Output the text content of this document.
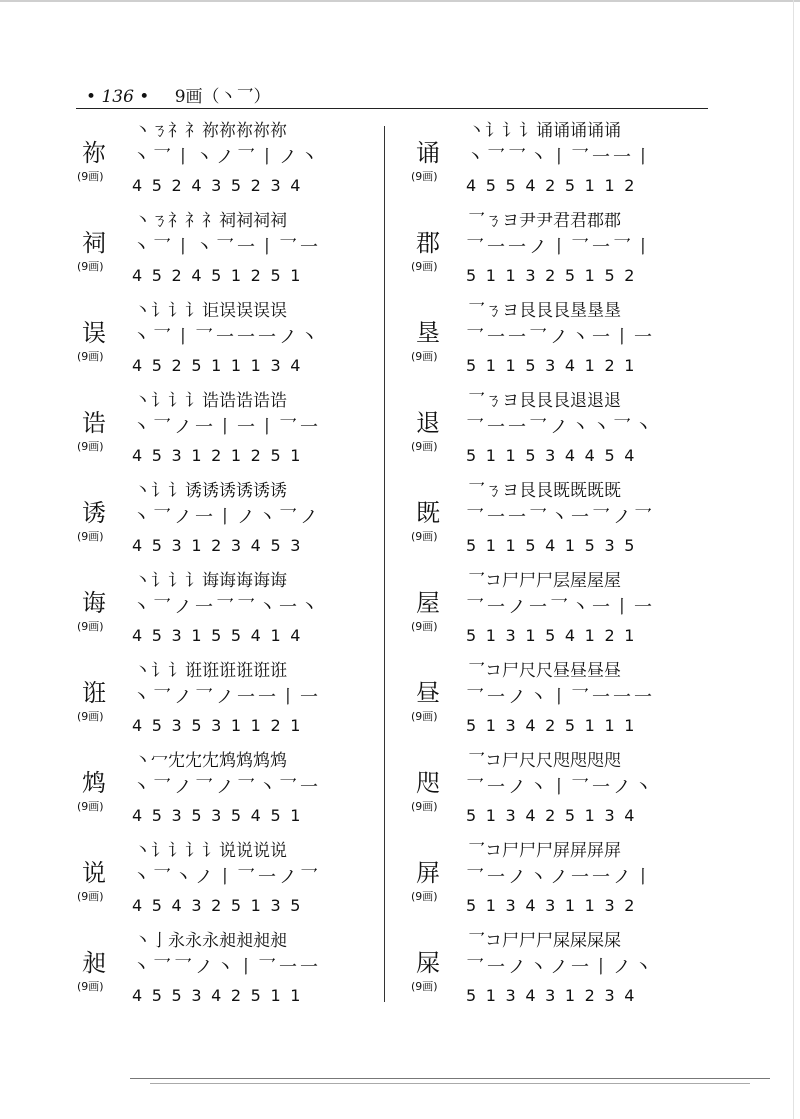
• 136 • 9画（丶乛）
祢
(9画)
丶ㄋ礻礻祢祢祢祢祢
丶乛丨丶ノ乛丨ノ丶
452435234
祠
(9画)
丶ㄋ礻礻礻祠祠祠祠
丶乛丨丶乛一丨乛一
452451251
误
(9画)
丶讠讠讠讵误误误误
丶乛丨乛一一一ノ丶
452511134
诰
(9画)
丶讠讠讠诰诰诰诰诰
丶乛ノ一丨一丨乛一
453121251
诱
(9画)
丶讠讠诱诱诱诱诱诱
丶乛ノ一丨ノ丶乛ノ
453123453
诲
(9画)
丶讠讠讠诲诲诲诲诲
丶乛ノ一乛乛丶一丶
453155414
诳
(9画)
丶讠讠诳诳诳诳诳诳
丶乛ノ乛ノ一一丨一
453531121
鸩
(9画)
丶冖冘冘冘鸩鸩鸩鸩
丶乛ノ乛ノ乛丶乛一
453535451
说
(9画)
丶讠讠讠讠说说说说
丶乛丶ノ丨乛一ノ乛
454325135
昶
(9画)
丶亅永永永昶昶昶昶
丶乛乛ノ丶丨乛一一
455342511
诵
(9画)
丶讠讠讠诵诵诵诵诵
丶乛乛丶丨乛一一丨
455425112
郡
(9画)
乛ㄋヨ尹尹君君郡郡
乛一一ノ丨乛一乛丨
511325152
垦
(9画)
乛ㄋヨ艮艮艮垦垦垦
乛一一乛ノ丶一丨一
511534121
退
(9画)
乛ㄋヨ艮艮艮退退退
乛一一乛ノ丶丶乛丶
511534454
既
(9画)
乛ㄋヨ艮艮既既既既
乛一一乛丶一乛ノ乛
511541535
屋
(9画)
乛コ尸尸尸层屋屋屋
乛一ノ一乛丶一丨一
513154121
昼
(9画)
乛コ尸尺尺昼昼昼昼
乛一ノ丶丨乛一一一
513425111
咫
(9画)
乛コ尸尺尺咫咫咫咫
乛一ノ丶丨乛一ノ丶
513425134
屏
(9画)
乛コ尸尸尸屏屏屏屏
乛一ノ丶ノ一一ノ丨
513431132
屎
(9画)
乛コ尸尸尸屎屎屎屎
乛一ノ丶ノ一丨ノ丶
513431234
